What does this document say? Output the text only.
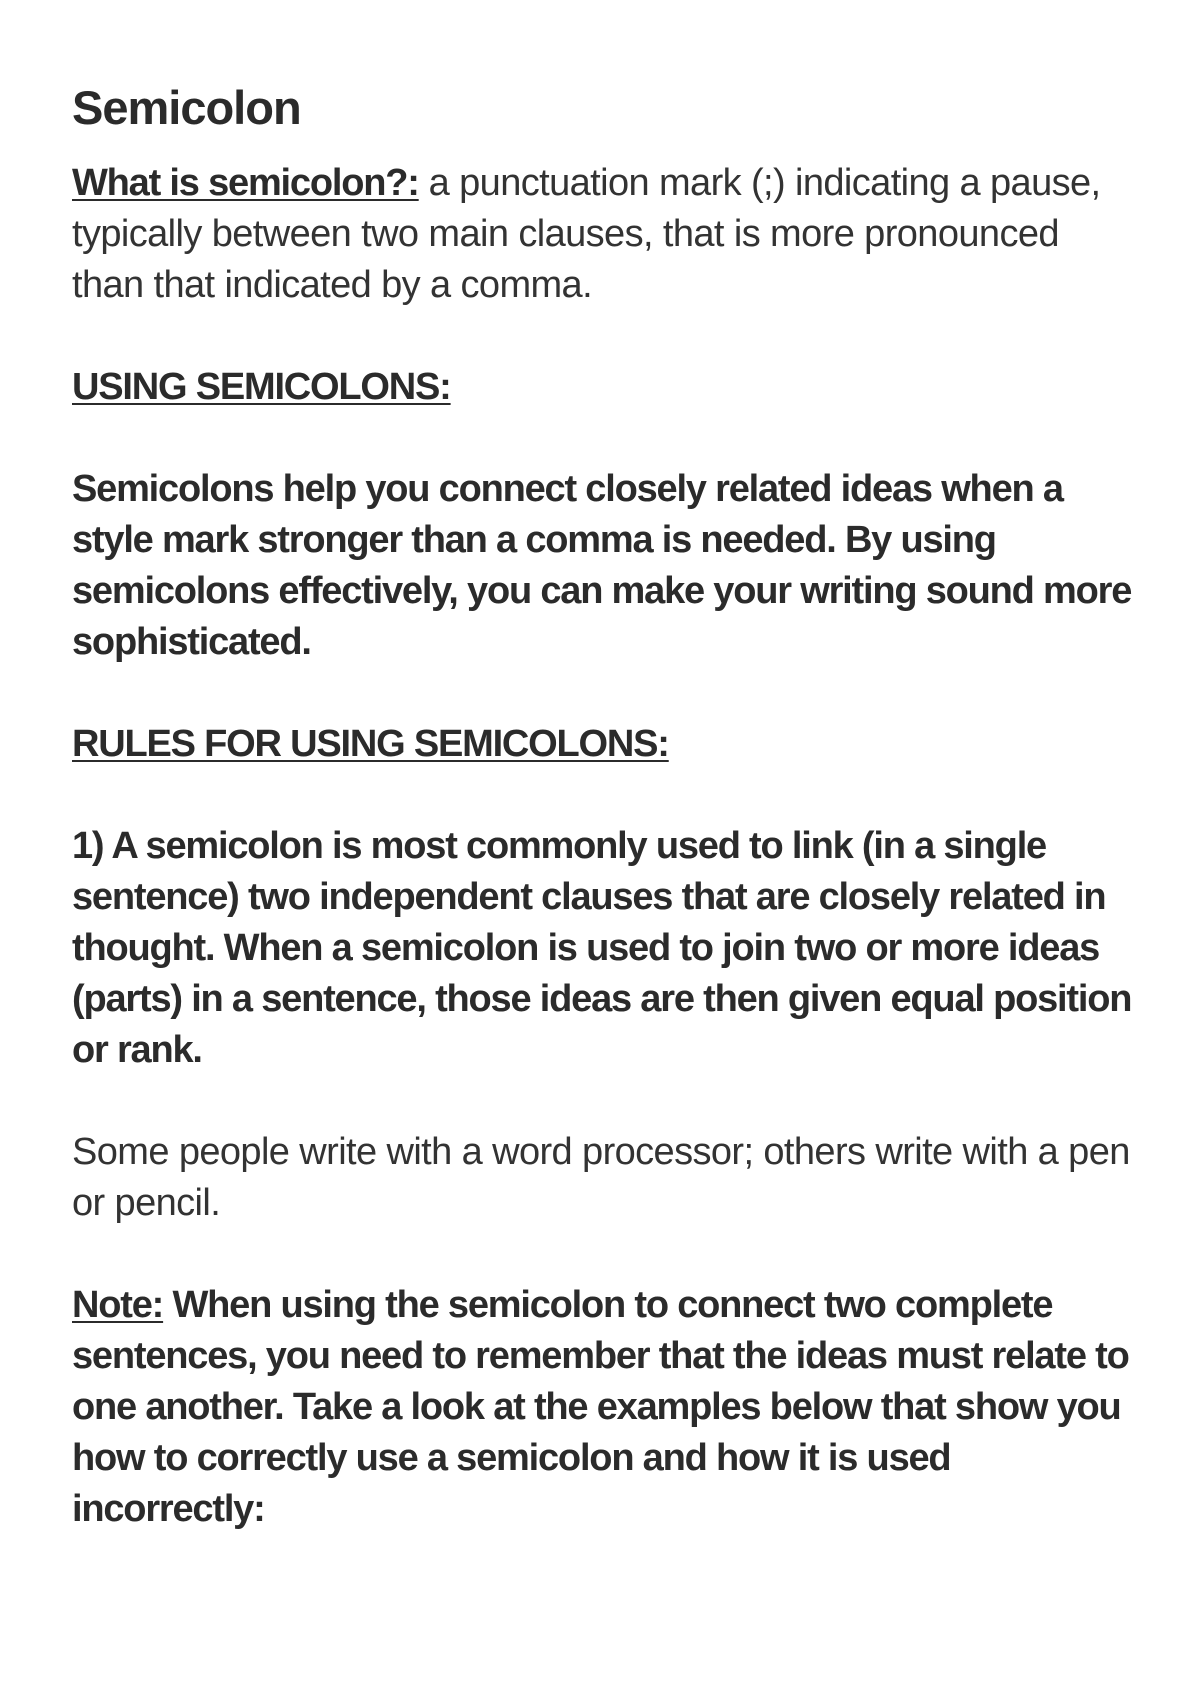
Semicolon

What is semicolon?: a punctuation mark (;) indicating a pause, typically between two main clauses, that is more pronounced than that indicated by a comma.

USING SEMICOLONS:

Semicolons help you connect closely related ideas when a style mark stronger than a comma is needed. By using semicolons effectively, you can make your writing sound more sophisticated.

RULES FOR USING SEMICOLONS:

1) A semicolon is most commonly used to link (in a single sentence) two independent clauses that are closely related in thought. When a semicolon is used to join two or more ideas (parts) in a sentence, those ideas are then given equal position or rank.

Some people write with a word processor; others write with a pen or pencil.

Note: When using the semicolon to connect two complete sentences, you need to remember that the ideas must relate to one another. Take a look at the examples below that show you how to correctly use a semicolon and how it is used incorrectly:
